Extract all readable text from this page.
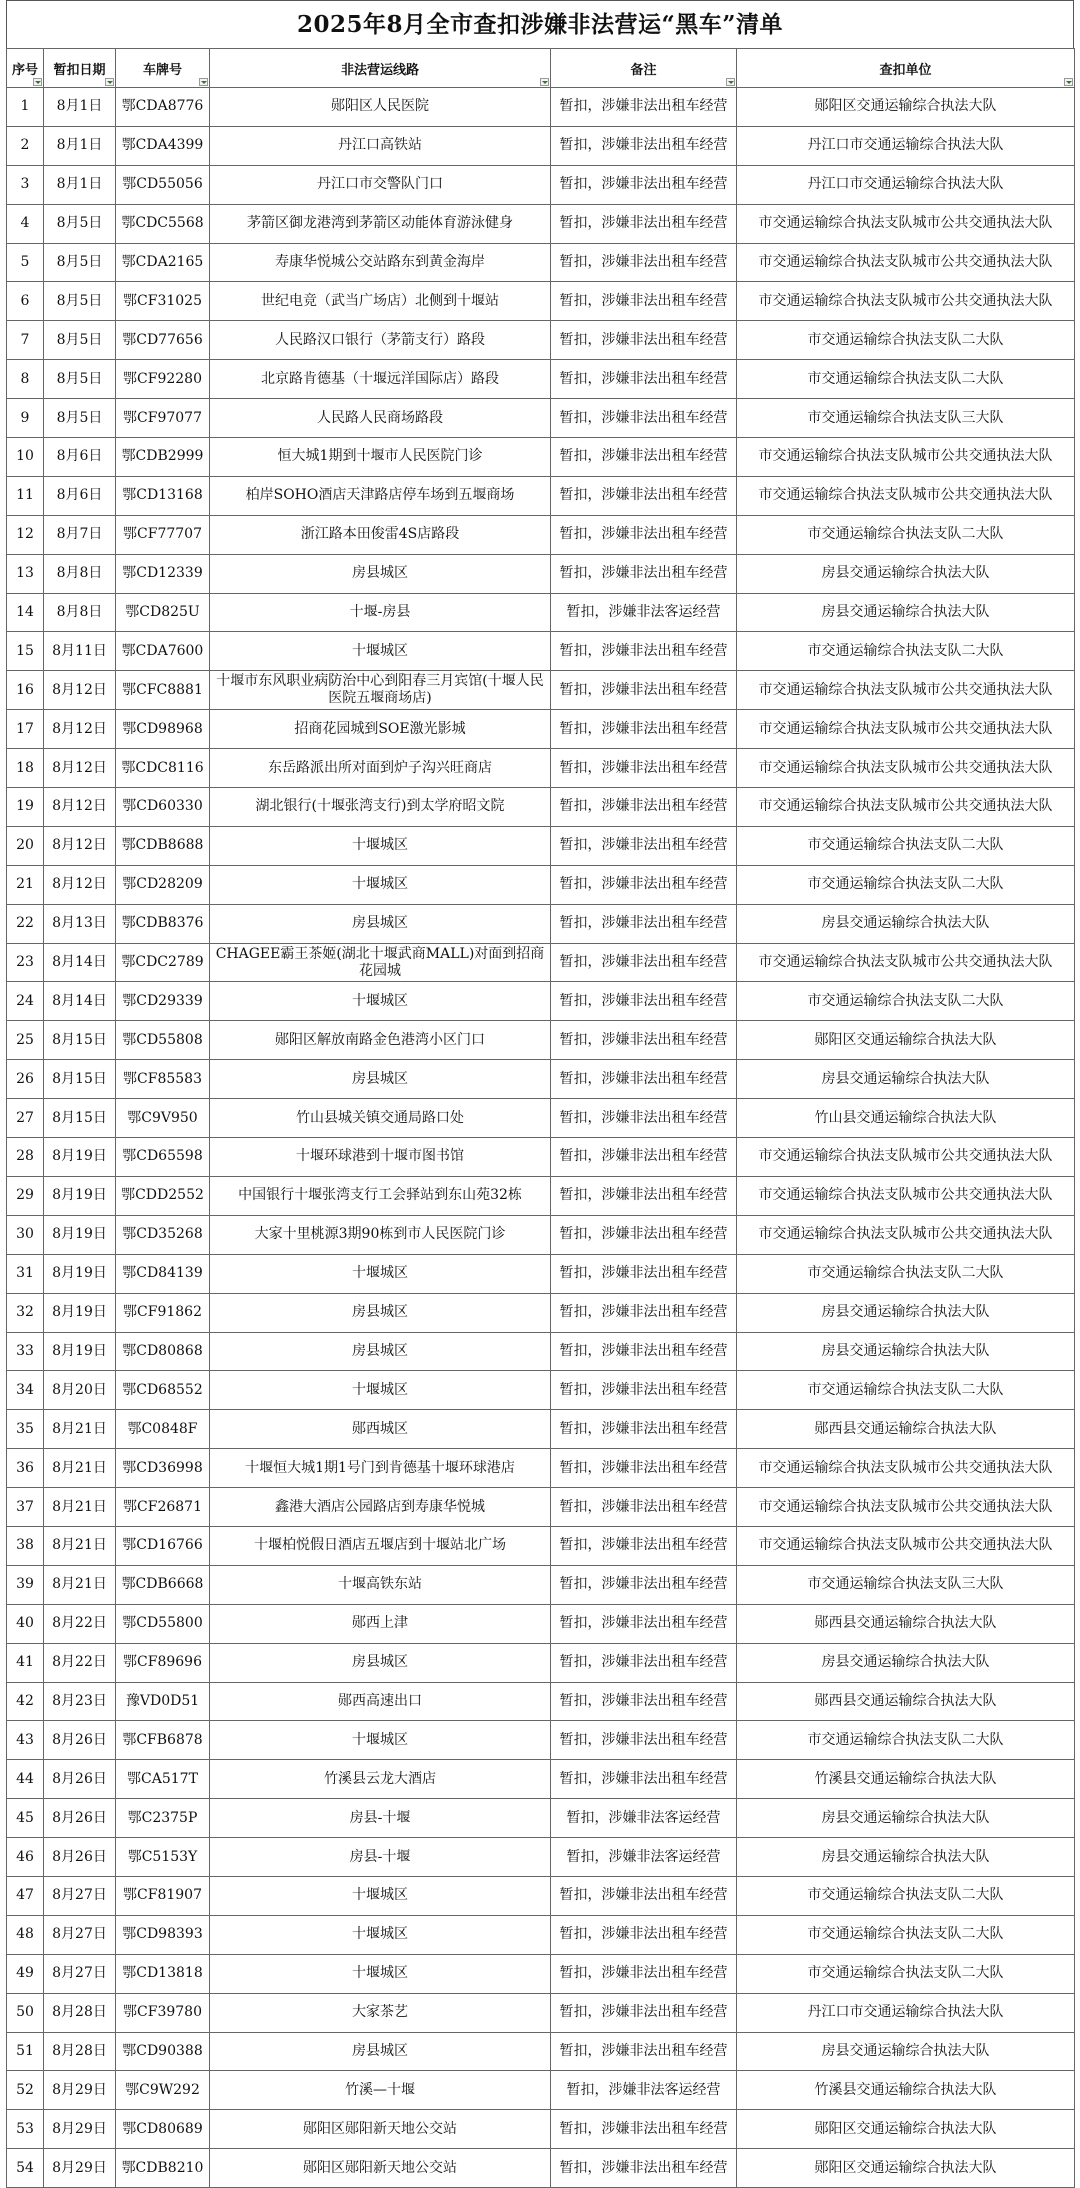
2025年8月全市查扣涉嫌非法营运“黑车”清单
序号	暂扣日期	车牌号	非法营运线路	备注	查扣单位

1	8月1日	鄂CDA8776	郧阳区人民医院	暂扣，涉嫌非法出租车经营	郧阳区交通运输综合执法大队
2	8月1日	鄂CDA4399	丹江口高铁站	暂扣，涉嫌非法出租车经营	丹江口市交通运输综合执法大队
3	8月1日	鄂CD55056	丹江口市交警队门口	暂扣，涉嫌非法出租车经营	丹江口市交通运输综合执法大队
4	8月5日	鄂CDC5568	茅箭区御龙港湾到茅箭区动能体育游泳健身	暂扣，涉嫌非法出租车经营	市交通运输综合执法支队城市公共交通执法大队
5	8月5日	鄂CDA2165	寿康华悦城公交站路东到黄金海岸	暂扣，涉嫌非法出租车经营	市交通运输综合执法支队城市公共交通执法大队
6	8月5日	鄂CF31025	世纪电竞（武当广场店）北侧到十堰站	暂扣，涉嫌非法出租车经营	市交通运输综合执法支队城市公共交通执法大队
7	8月5日	鄂CD77656	人民路汉口银行（茅箭支行）路段	暂扣，涉嫌非法出租车经营	市交通运输综合执法支队二大队
8	8月5日	鄂CF92280	北京路肯德基（十堰远洋国际店）路段	暂扣，涉嫌非法出租车经营	市交通运输综合执法支队二大队
9	8月5日	鄂CF97077	人民路人民商场路段	暂扣，涉嫌非法出租车经营	市交通运输综合执法支队三大队
10	8月6日	鄂CDB2999	恒大城1期到十堰市人民医院门诊	暂扣，涉嫌非法出租车经营	市交通运输综合执法支队城市公共交通执法大队
11	8月6日	鄂CD13168	柏岸SOHO酒店天津路店停车场到五堰商场	暂扣，涉嫌非法出租车经营	市交通运输综合执法支队城市公共交通执法大队
12	8月7日	鄂CF77707	浙江路本田俊雷4S店路段	暂扣，涉嫌非法出租车经营	市交通运输综合执法支队二大队
13	8月8日	鄂CD12339	房县城区	暂扣，涉嫌非法出租车经营	房县交通运输综合执法大队
14	8月8日	鄂CD825U	十堰-房县	暂扣，涉嫌非法客运经营	房县交通运输综合执法大队
15	8月11日	鄂CDA7600	十堰城区	暂扣，涉嫌非法出租车经营	市交通运输综合执法支队二大队
16	8月12日	鄂CFC8881	十堰市东风职业病防治中心到阳春三月宾馆(十堰人民医院五堰商场店)	暂扣，涉嫌非法出租车经营	市交通运输综合执法支队城市公共交通执法大队
17	8月12日	鄂CD98968	招商花园城到SOE激光影城	暂扣，涉嫌非法出租车经营	市交通运输综合执法支队城市公共交通执法大队
18	8月12日	鄂CDC8116	东岳路派出所对面到炉子沟兴旺商店	暂扣，涉嫌非法出租车经营	市交通运输综合执法支队城市公共交通执法大队
19	8月12日	鄂CD60330	湖北银行(十堰张湾支行)到太学府昭文院	暂扣，涉嫌非法出租车经营	市交通运输综合执法支队城市公共交通执法大队
20	8月12日	鄂CDB8688	十堰城区	暂扣，涉嫌非法出租车经营	市交通运输综合执法支队二大队
21	8月12日	鄂CD28209	十堰城区	暂扣，涉嫌非法出租车经营	市交通运输综合执法支队二大队
22	8月13日	鄂CDB8376	房县城区	暂扣，涉嫌非法出租车经营	房县交通运输综合执法大队
23	8月14日	鄂CDC2789	CHAGEE霸王茶姬(湖北十堰武商MALL)对面到招商花园城	暂扣，涉嫌非法出租车经营	市交通运输综合执法支队城市公共交通执法大队
24	8月14日	鄂CD29339	十堰城区	暂扣，涉嫌非法出租车经营	市交通运输综合执法支队二大队
25	8月15日	鄂CD55808	郧阳区解放南路金色港湾小区门口	暂扣，涉嫌非法出租车经营	郧阳区交通运输综合执法大队
26	8月15日	鄂CF85583	房县城区	暂扣，涉嫌非法出租车经营	房县交通运输综合执法大队
27	8月15日	鄂C9V950	竹山县城关镇交通局路口处	暂扣，涉嫌非法出租车经营	竹山县交通运输综合执法大队
28	8月19日	鄂CD65598	十堰环球港到十堰市图书馆	暂扣，涉嫌非法出租车经营	市交通运输综合执法支队城市公共交通执法大队
29	8月19日	鄂CDD2552	中国银行十堰张湾支行工会驿站到东山苑32栋	暂扣，涉嫌非法出租车经营	市交通运输综合执法支队城市公共交通执法大队
30	8月19日	鄂CD35268	大家十里桃源3期90栋到市人民医院门诊	暂扣，涉嫌非法出租车经营	市交通运输综合执法支队城市公共交通执法大队
31	8月19日	鄂CD84139	十堰城区	暂扣，涉嫌非法出租车经营	市交通运输综合执法支队二大队
32	8月19日	鄂CF91862	房县城区	暂扣，涉嫌非法出租车经营	房县交通运输综合执法大队
33	8月19日	鄂CD80868	房县城区	暂扣，涉嫌非法出租车经营	房县交通运输综合执法大队
34	8月20日	鄂CD68552	十堰城区	暂扣，涉嫌非法出租车经营	市交通运输综合执法支队二大队
35	8月21日	鄂C0848F	郧西城区	暂扣，涉嫌非法出租车经营	郧西县交通运输综合执法大队
36	8月21日	鄂CD36998	十堰恒大城1期1号门到肯德基十堰环球港店	暂扣，涉嫌非法出租车经营	市交通运输综合执法支队城市公共交通执法大队
37	8月21日	鄂CF26871	鑫港大酒店公园路店到寿康华悦城	暂扣，涉嫌非法出租车经营	市交通运输综合执法支队城市公共交通执法大队
38	8月21日	鄂CD16766	十堰柏悦假日酒店五堰店到十堰站北广场	暂扣，涉嫌非法出租车经营	市交通运输综合执法支队城市公共交通执法大队
39	8月21日	鄂CDB6668	十堰高铁东站	暂扣，涉嫌非法出租车经营	市交通运输综合执法支队三大队
40	8月22日	鄂CD55800	郧西上津	暂扣，涉嫌非法出租车经营	郧西县交通运输综合执法大队
41	8月22日	鄂CF89696	房县城区	暂扣，涉嫌非法出租车经营	房县交通运输综合执法大队
42	8月23日	豫VD0D51	郧西高速出口	暂扣，涉嫌非法出租车经营	郧西县交通运输综合执法大队
43	8月26日	鄂CFB6878	十堰城区	暂扣，涉嫌非法出租车经营	市交通运输综合执法支队二大队
44	8月26日	鄂CA517T	竹溪县云龙大酒店	暂扣，涉嫌非法出租车经营	竹溪县交通运输综合执法大队
45	8月26日	鄂C2375P	房县-十堰	暂扣，涉嫌非法客运经营	房县交通运输综合执法大队
46	8月26日	鄂C5153Y	房县-十堰	暂扣，涉嫌非法客运经营	房县交通运输综合执法大队
47	8月27日	鄂CF81907	十堰城区	暂扣，涉嫌非法出租车经营	市交通运输综合执法支队二大队
48	8月27日	鄂CD98393	十堰城区	暂扣，涉嫌非法出租车经营	市交通运输综合执法支队二大队
49	8月27日	鄂CD13818	十堰城区	暂扣，涉嫌非法出租车经营	市交通运输综合执法支队二大队
50	8月28日	鄂CF39780	大家茶艺	暂扣，涉嫌非法出租车经营	丹江口市交通运输综合执法大队
51	8月28日	鄂CD90388	房县城区	暂扣，涉嫌非法出租车经营	房县交通运输综合执法大队
52	8月29日	鄂C9W292	竹溪—十堰	暂扣，涉嫌非法客运经营	竹溪县交通运输综合执法大队
53	8月29日	鄂CD80689	郧阳区郧阳新天地公交站	暂扣，涉嫌非法出租车经营	郧阳区交通运输综合执法大队
54	8月29日	鄂CDB8210	郧阳区郧阳新天地公交站	暂扣，涉嫌非法出租车经营	郧阳区交通运输综合执法大队
